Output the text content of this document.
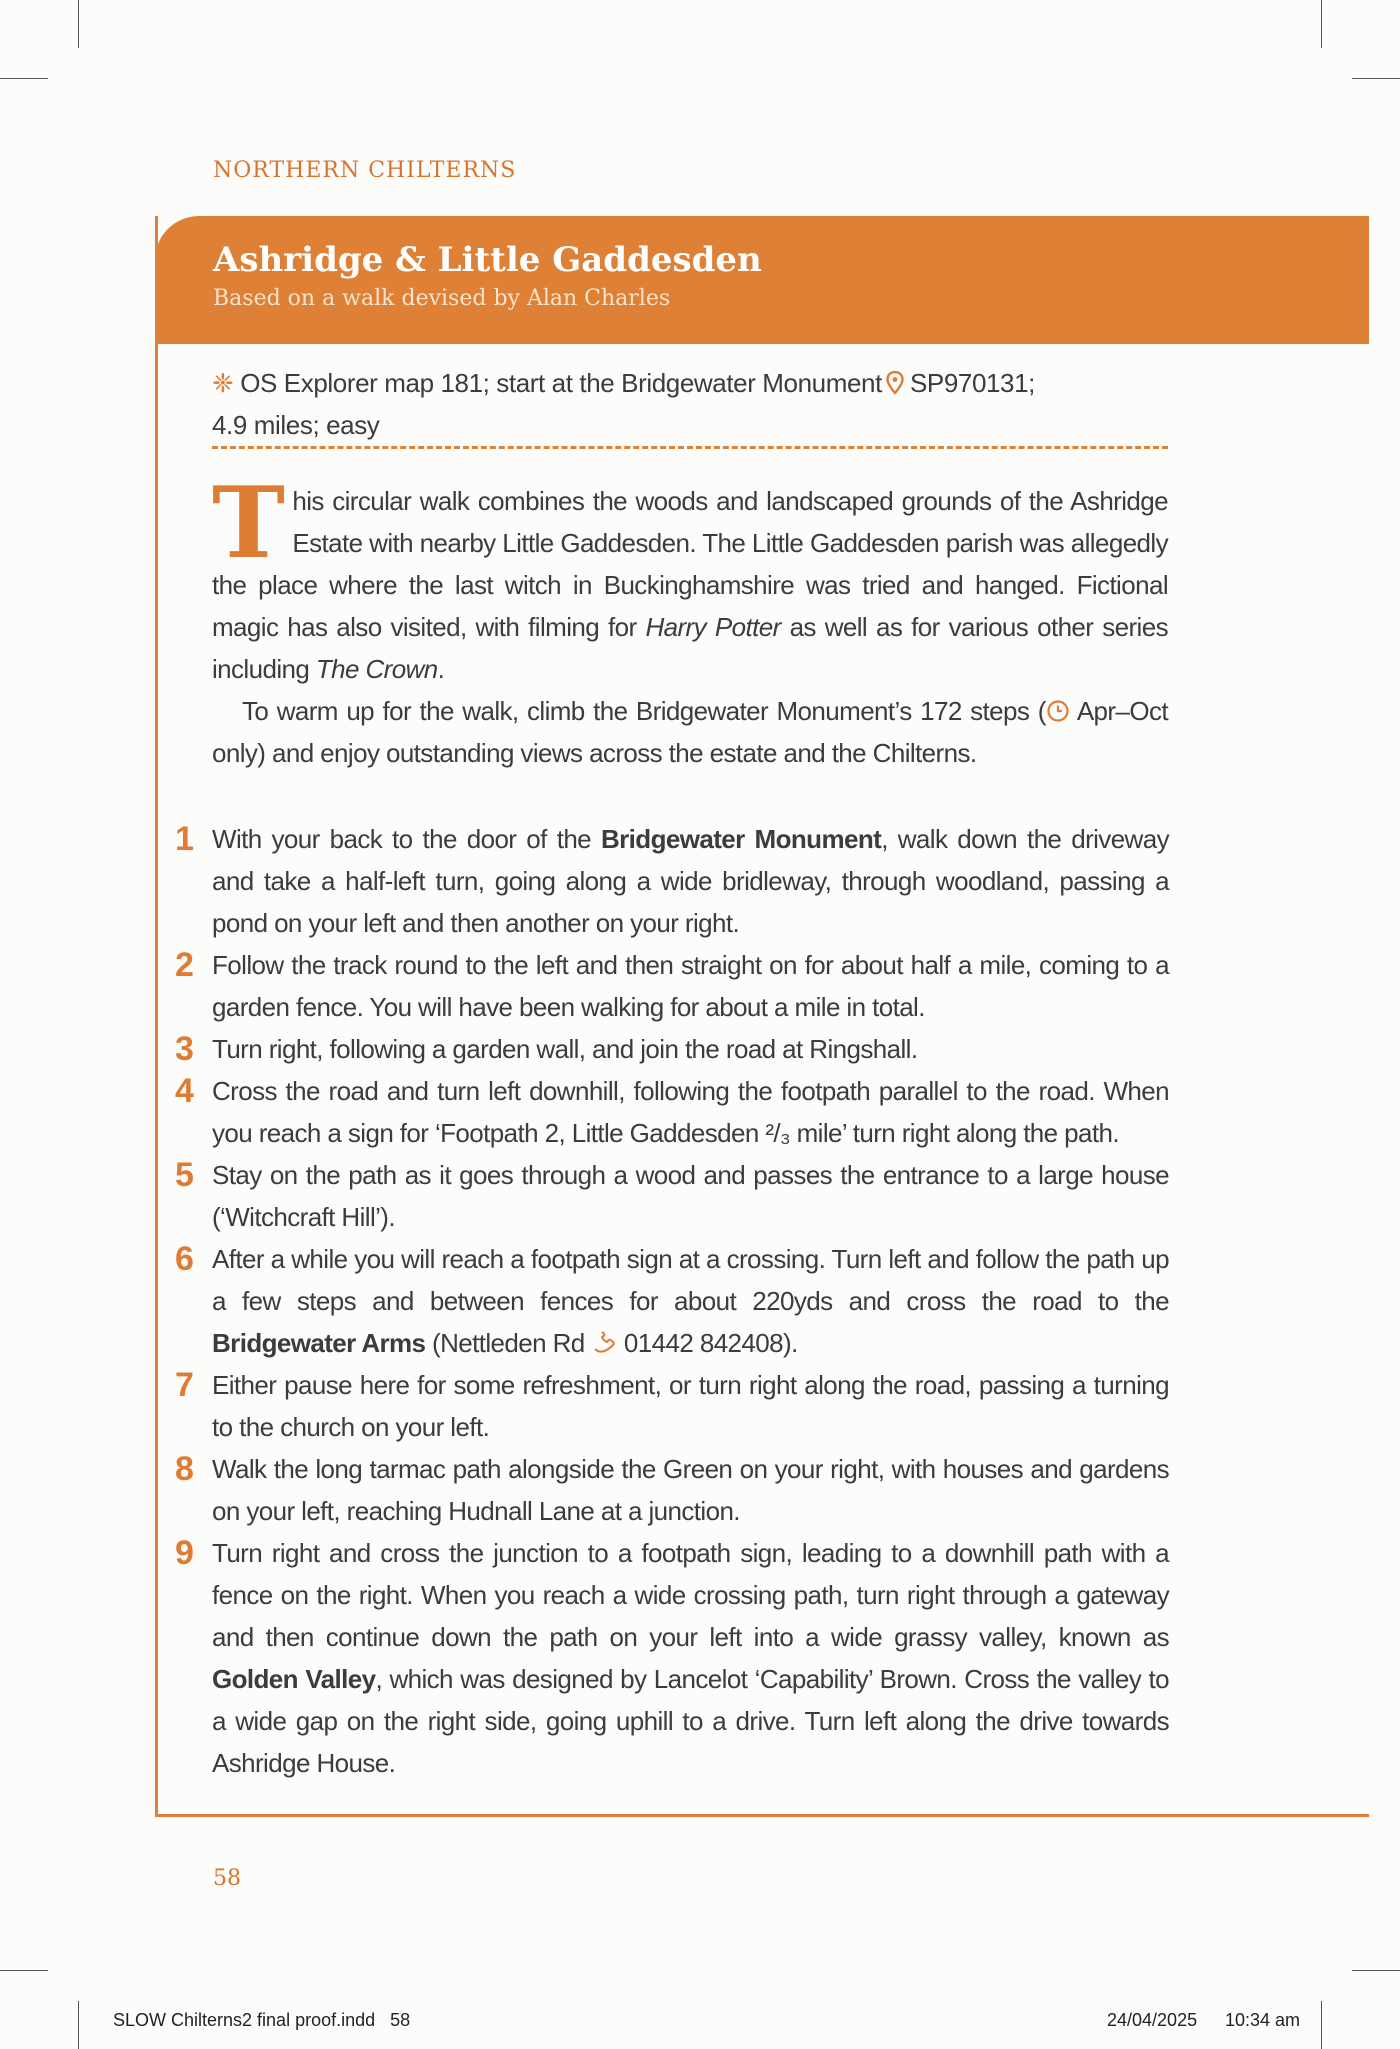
NORTHERN CHILTERNS
Ashridge & Little Gaddesden
Based on a walk devised by Alan Charles
❈ OS Explorer map 181; start at the Bridgewater Monument SP970131;
4.9 miles; easy

This circular walk combines the woods and landscaped grounds of the Ashridge Estate with nearby Little Gaddesden. The Little Gaddesden parish was allegedly the place where the last witch in Buckinghamshire was tried and hanged. Fictional magic has also visited, with filming for Harry Potter as well as for various other series including The Crown.

To warm up for the walk, climb the Bridgewater Monument’s 172 steps ( Apr–Oct only) and enjoy outstanding views across the estate and the Chilterns.

1 With your back to the door of the Bridgewater Monument, walk down the driveway and take a half-left turn, going along a wide bridleway, through woodland, passing a pond on your left and then another on your right.
2 Follow the track round to the left and then straight on for about half a mile, coming to a garden fence. You will have been walking for about a mile in total.
3 Turn right, following a garden wall, and join the road at Ringshall.
4 Cross the road and turn left downhill, following the footpath parallel to the road. When you reach a sign for ‘Footpath 2, Little Gaddesden ²/₃ mile’ turn right along the path.
5 Stay on the path as it goes through a wood and passes the entrance to a large house (‘Witchcraft Hill’).
6 After a while you will reach a footpath sign at a crossing. Turn left and follow the path up a few steps and between fences for about 220yds and cross the road to the Bridgewater Arms (Nettleden Rd  01442 842408).
7 Either pause here for some refreshment, or turn right along the road, passing a turning to the church on your left.
8 Walk the long tarmac path alongside the Green on your right, with houses and gardens on your left, reaching Hudnall Lane at a junction.
9 Turn right and cross the junction to a footpath sign, leading to a downhill path with a fence on the right. When you reach a wide crossing path, turn right through a gateway and then continue down the path on your left into a wide grassy valley, known as Golden Valley, which was designed by Lancelot ‘Capability’ Brown. Cross the valley to a wide gap on the right side, going uphill to a drive. Turn left along the drive towards Ashridge House.
58
SLOW Chilterns2 final proof.indd   58	24/04/2025 10:34 am
